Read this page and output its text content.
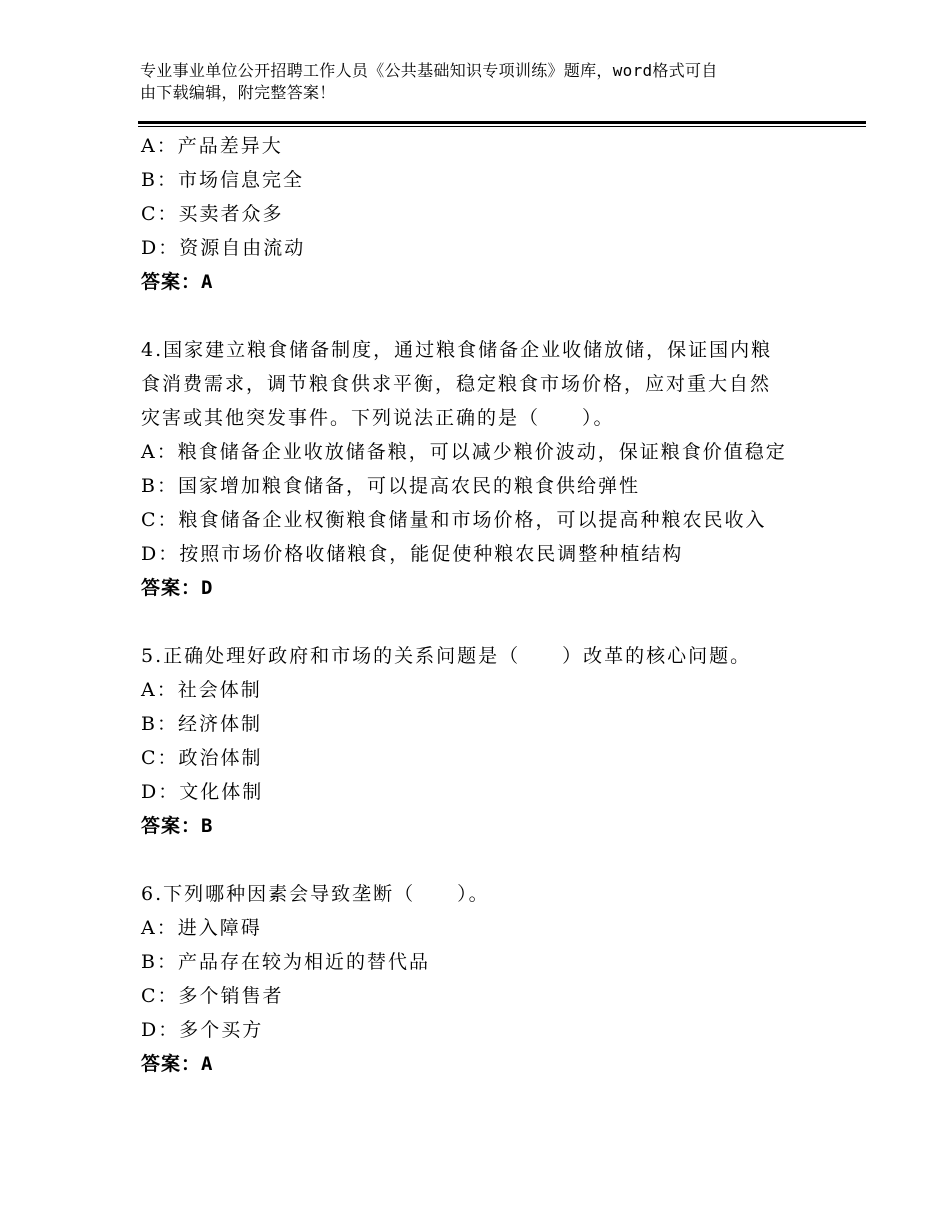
专业事业单位公开招聘工作人员《公共基础知识专项训练》题库，word格式可自
由下载编辑，附完整答案！
A：产品差异大
B：市场信息完全
C：买卖者众多
D：资源自由流动
答案：A
4.国家建立粮食储备制度，通过粮食储备企业收储放储，保证国内粮
食消费需求，调节粮食供求平衡，稳定粮食市场价格，应对重大自然
灾害或其他突发事件。下列说法正确的是（　　）。
A：粮食储备企业收放储备粮，可以减少粮价波动，保证粮食价值稳定
B：国家增加粮食储备，可以提高农民的粮食供给弹性
C：粮食储备企业权衡粮食储量和市场价格，可以提高种粮农民收入
D：按照市场价格收储粮食，能促使种粮农民调整种植结构
答案：D
5.正确处理好政府和市场的关系问题是（　　）改革的核心问题。
A：社会体制
B：经济体制
C：政治体制
D：文化体制
答案：B
6.下列哪种因素会导致垄断（　　）。
A：进入障碍
B：产品存在较为相近的替代品
C：多个销售者
D：多个买方
答案：A
